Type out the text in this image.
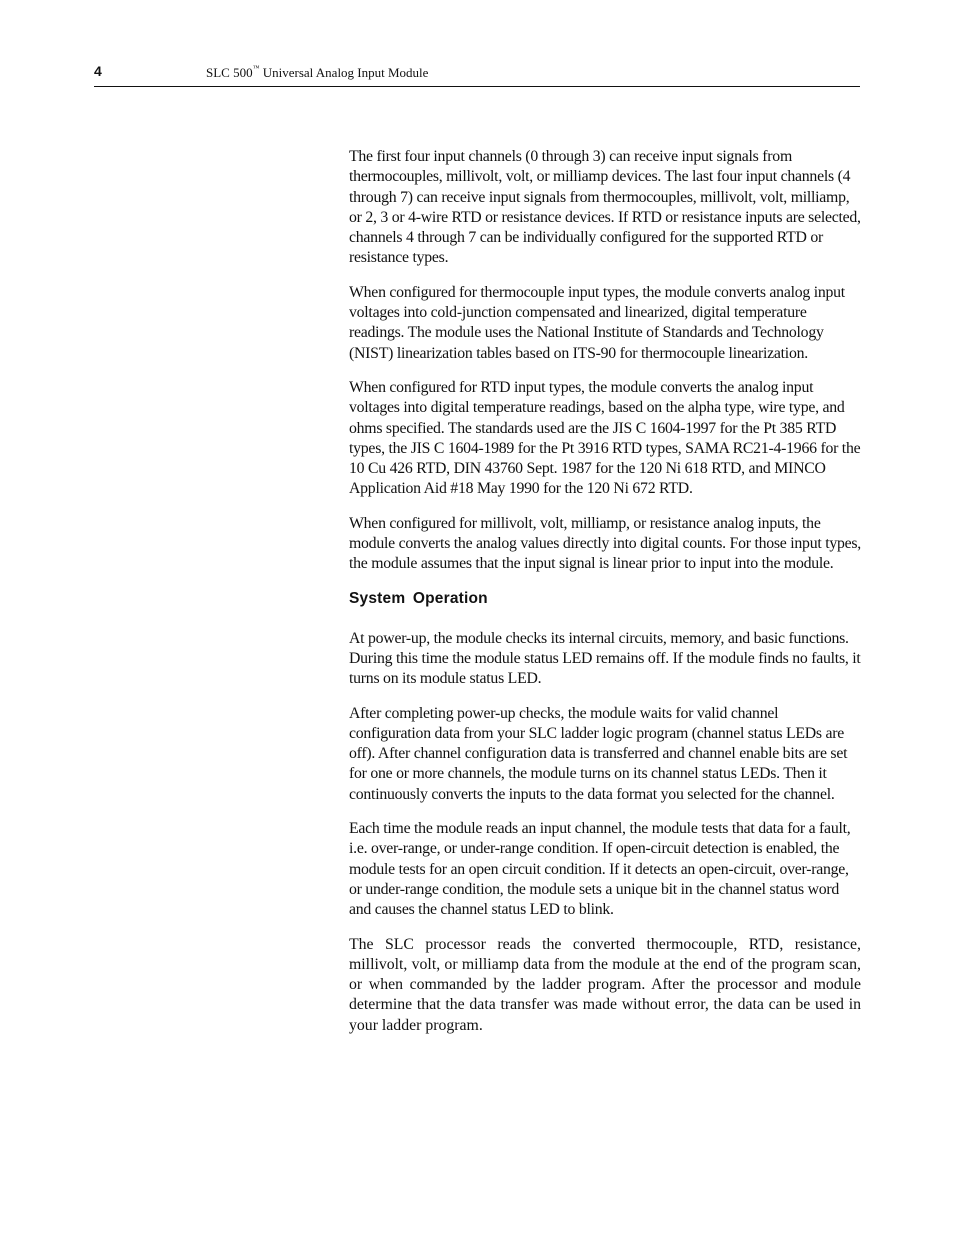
4	SLC 500™ Universal Analog Input Module

The first four input channels (0 through 3) can receive input signals from thermocouples, millivolt, volt, or milliamp devices. The last four input channels (4 through 7) can receive input signals from thermocouples, millivolt, volt, milliamp, or 2, 3 or 4-wire RTD or resistance devices. If RTD or resistance inputs are selected, channels 4 through 7 can be individually configured for the supported RTD or resistance types.

When configured for thermocouple input types, the module converts analog input voltages into cold-junction compensated and linearized, digital temperature readings. The module uses the National Institute of Standards and Technology (NIST) linearization tables based on ITS-90 for thermocouple linearization.

When configured for RTD input types, the module converts the analog input voltages into digital temperature readings, based on the alpha type, wire type, and ohms specified. The standards used are the JIS C 1604-1997 for the Pt 385 RTD types, the JIS C 1604-1989 for the Pt 3916 RTD types, SAMA RC21-4-1966 for the 10 Cu 426 RTD, DIN 43760 Sept. 1987 for the 120 Ni 618 RTD, and MINCO Application Aid #18 May 1990 for the 120 Ni 672 RTD.

When configured for millivolt, volt, milliamp, or resistance analog inputs, the module converts the analog values directly into digital counts. For those input types, the module assumes that the input signal is linear prior to input into the module.

System Operation

At power-up, the module checks its internal circuits, memory, and basic functions. During this time the module status LED remains off. If the module finds no faults, it turns on its module status LED.

After completing power-up checks, the module waits for valid channel configuration data from your SLC ladder logic program (channel status LEDs are off). After channel configuration data is transferred and channel enable bits are set for one or more channels, the module turns on its channel status LEDs. Then it continuously converts the inputs to the data format you selected for the channel.

Each time the module reads an input channel, the module tests that data for a fault, i.e. over-range, or under-range condition. If open-circuit detection is enabled, the module tests for an open circuit condition. If it detects an open-circuit, over-range, or under-range condition, the module sets a unique bit in the channel status word and causes the channel status LED to blink.

The SLC processor reads the converted thermocouple, RTD, resistance, millivolt, volt, or milliamp data from the module at the end of the program scan, or when commanded by the ladder program. After the processor and module determine that the data transfer was made without error, the data can be used in your ladder program.
